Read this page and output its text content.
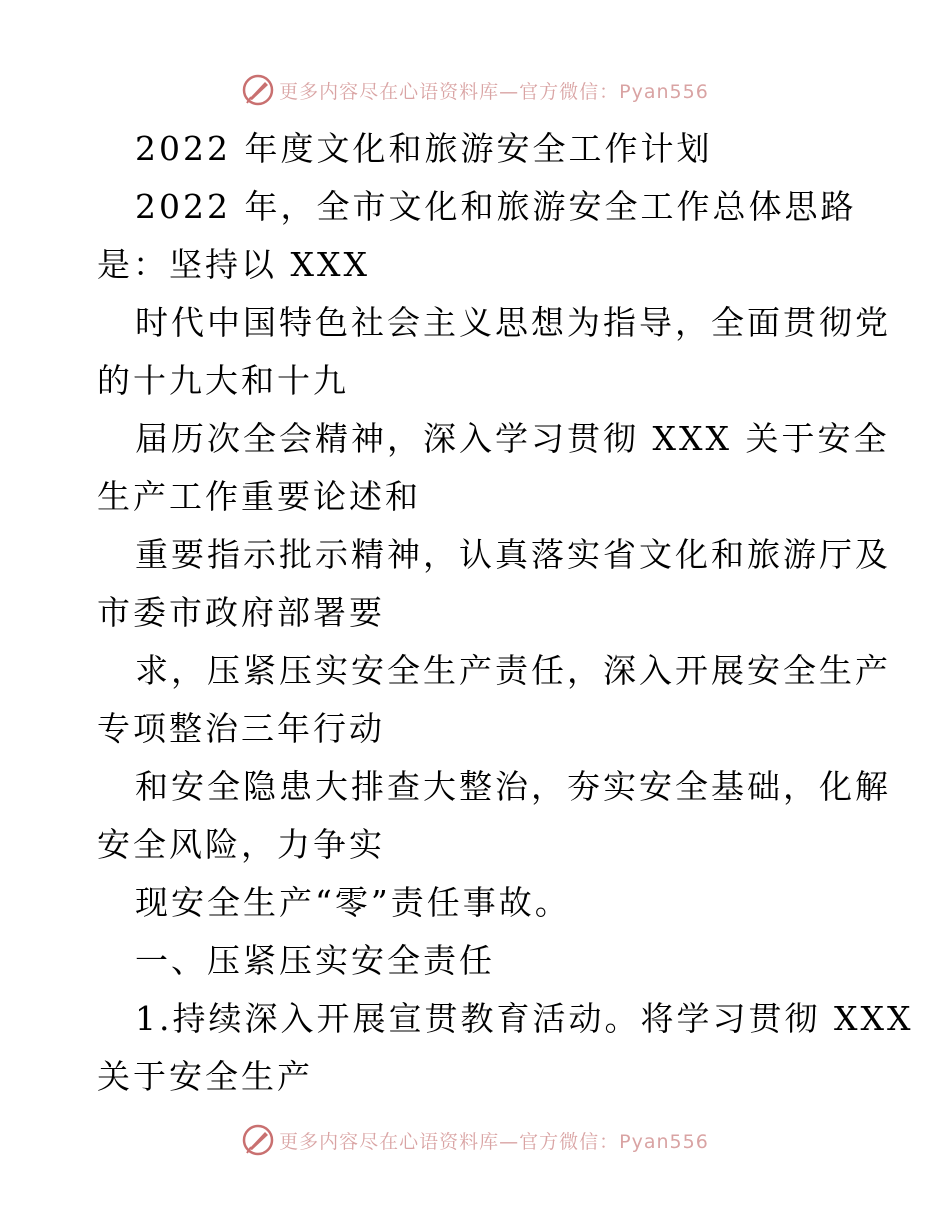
更多内容尽在心语资料库—官方微信：Pyan556
2022 年度文化和旅游安全工作计划
2022 年，全市文化和旅游安全工作总体思路
是：坚持以 XXX
时代中国特色社会主义思想为指导，全面贯彻党
的十九大和十九
届历次全会精神，深入学习贯彻 XXX 关于安全
生产工作重要论述和
重要指示批示精神，认真落实省文化和旅游厅及
市委市政府部署要
求，压紧压实安全生产责任，深入开展安全生产
专项整治三年行动
和安全隐患大排查大整治，夯实安全基础，化解
安全风险，力争实
现安全生产“零”责任事故。
一、压紧压实安全责任
1.持续深入开展宣贯教育活动。将学习贯彻 XXX
关于安全生产
更多内容尽在心语资料库—官方微信：Pyan556
